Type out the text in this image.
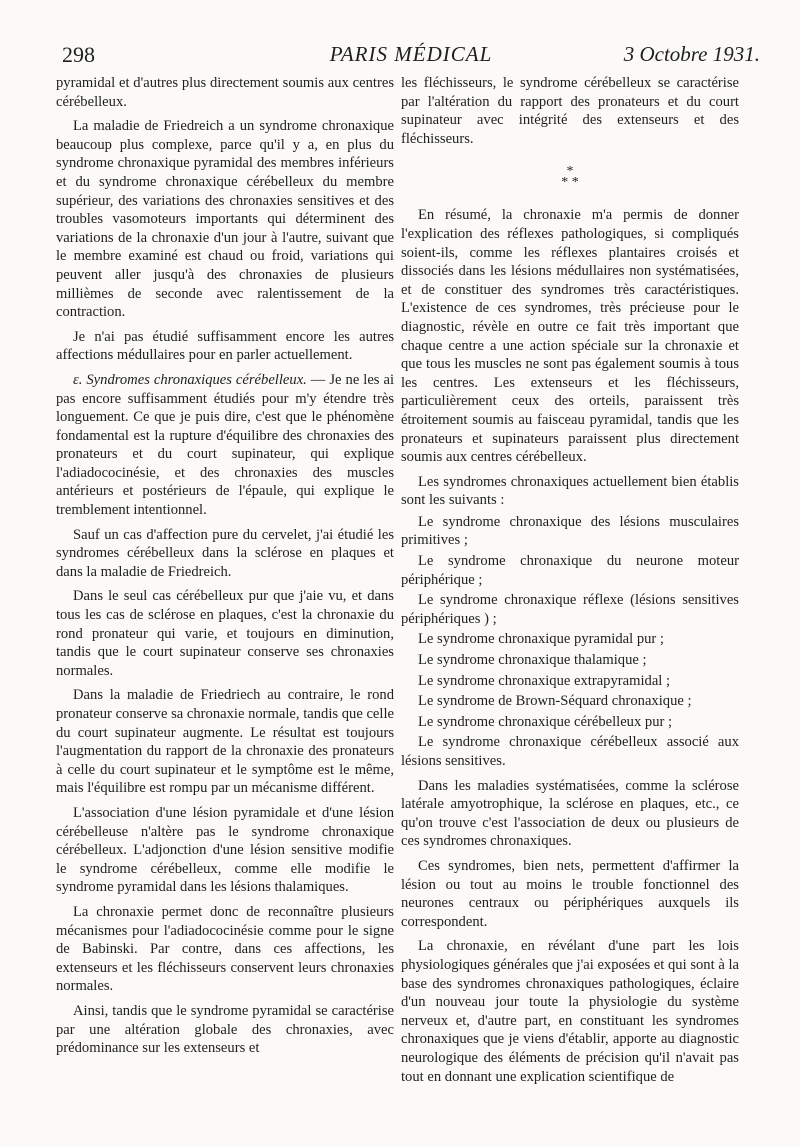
298	PARIS MÉDICAL	3 Octobre 1931.

pyramidal et d'autres plus directement soumis aux centres cérébelleux.

La maladie de Friedreich a un syndrome chronaxique beaucoup plus complexe, parce qu'il y a, en plus du syndrome chronaxique pyramidal des membres inférieurs et du syndrome chronaxique cérébelleux du membre supérieur, des variations des chronaxies sensitives et des troubles vasomoteurs importants qui déterminent des variations de la chronaxie d'un jour à l'autre, suivant que le membre examiné est chaud ou froid, variations qui peuvent aller jusqu'à des chronaxies de plusieurs millièmes de seconde avec ralentissement de la contraction.

Je n'ai pas étudié suffisamment encore les autres affections médullaires pour en parler actuellement.

ε. Syndromes chronaxiques cérébelleux. — Je ne les ai pas encore suffisamment étudiés pour m'y étendre très longuement. Ce que je puis dire, c'est que le phénomène fondamental est la rupture d'équilibre des chronaxies des pronateurs et du court supinateur, qui explique l'adiadococinésie, et des chronaxies des muscles antérieurs et postérieurs de l'épaule, qui explique le tremblement intentionnel.

Sauf un cas d'affection pure du cervelet, j'ai étudié les syndromes cérébelleux dans la sclérose en plaques et dans la maladie de Friedreich.

Dans le seul cas cérébelleux pur que j'aie vu, et dans tous les cas de sclérose en plaques, c'est la chronaxie du rond pronateur qui varie, et toujours en diminution, tandis que le court supinateur conserve ses chronaxies normales.

Dans la maladie de Friedriech au contraire, le rond pronateur conserve sa chronaxie normale, tandis que celle du court supinateur augmente. Le résultat est toujours l'augmentation du rapport de la chronaxie des pronateurs à celle du court supinateur et le symptôme est le même, mais l'équilibre est rompu par un mécanisme différent.

L'association d'une lésion pyramidale et d'une lésion cérébelleuse n'altère pas le syndrome chronaxique cérébelleux. L'adjonction d'une lésion sensitive modifie le syndrome cérébelleux, comme elle modifie le syndrome pyramidal dans les lésions thalamiques.

La chronaxie permet donc de reconnaître plusieurs mécanismes pour l'adiadococinésie comme pour le signe de Babinski. Par contre, dans ces affections, les extenseurs et les fléchisseurs conservent leurs chronaxies normales.

Ainsi, tandis que le syndrome pyramidal se caractérise par une altération globale des chronaxies, avec prédominance sur les extenseurs et

les fléchisseurs, le syndrome cérébelleux se caractérise par l'altération du rapport des pronateurs et du court supinateur avec intégrité des extenseurs et des fléchisseurs.

*
* *

En résumé, la chronaxie m'a permis de donner l'explication des réflexes pathologiques, si compliqués soient-ils, comme les réflexes plantaires croisés et dissociés dans les lésions médullaires non systématisées, et de constituer des syndromes très caractéristiques. L'existence de ces syndromes, très précieuse pour le diagnostic, révèle en outre ce fait très important que chaque centre a une action spéciale sur la chronaxie et que tous les muscles ne sont pas également soumis à tous les centres. Les extenseurs et les fléchisseurs, particulièrement ceux des orteils, paraissent très étroitement soumis au faisceau pyramidal, tandis que les pronateurs et supinateurs paraissent plus directement soumis aux centres cérébelleux.

Les syndromes chronaxiques actuellement bien établis sont les suivants :

Le syndrome chronaxique des lésions musculaires primitives ;

Le syndrome chronaxique du neurone moteur périphérique ;

Le syndrome chronaxique réflexe (lésions sensitives périphériques ) ;

Le syndrome chronaxique pyramidal pur ;

Le syndrome chronaxique thalamique ;

Le syndrome chronaxique extrapyramidal ;

Le syndrome de Brown-Séquard chronaxique ;

Le syndrome chronaxique cérébelleux pur ;

Le syndrome chronaxique cérébelleux associé aux lésions sensitives.

Dans les maladies systématisées, comme la sclérose latérale amyotrophique, la sclérose en plaques, etc., ce qu'on trouve c'est l'association de deux ou plusieurs de ces syndromes chronaxiques.

Ces syndromes, bien nets, permettent d'affirmer la lésion ou tout au moins le trouble fonctionnel des neurones centraux ou périphériques auxquels ils correspondent.

La chronaxie, en révélant d'une part les lois physiologiques générales que j'ai exposées et qui sont à la base des syndromes chronaxiques pathologiques, éclaire d'un nouveau jour toute la physiologie du système nerveux et, d'autre part, en constituant les syndromes chronaxiques que je viens d'établir, apporte au diagnostic neurologique des éléments de précision qu'il n'avait pas tout en donnant une explication scientifique de
